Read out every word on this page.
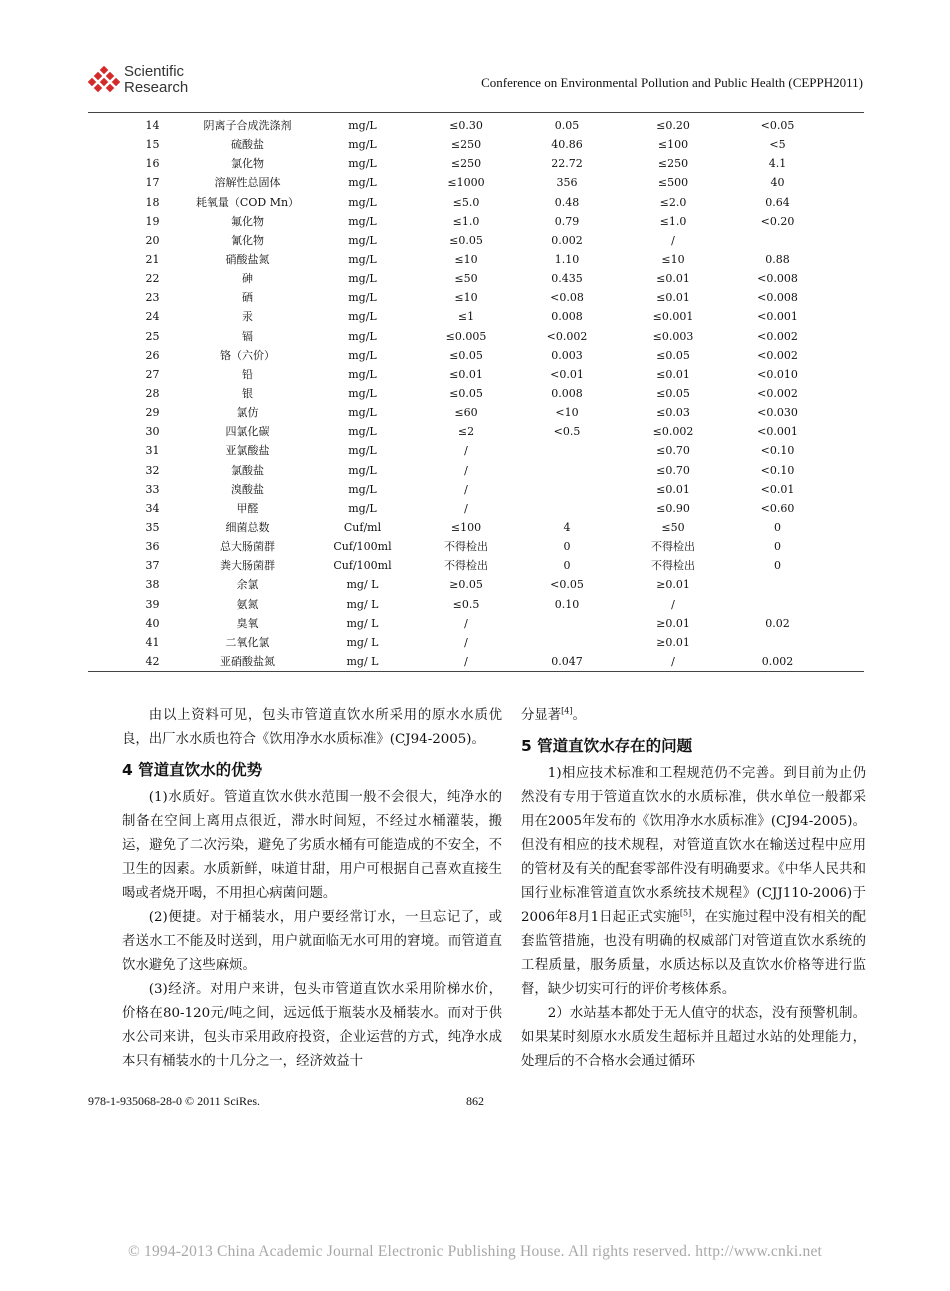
Scientific
Research	Conference on Environmental Pollution and Public Health (CEPPH2011)
14	阴离子合成洗涤剂	mg/L	≤0.30	0.05	≤0.20	<0.05
15	硫酸盐	mg/L	≤250	40.86	≤100	<5
16	氯化物	mg/L	≤250	22.72	≤250	4.1
17	溶解性总固体	mg/L	≤1000	356	≤500	40
18	耗氧量（COD Mn）	mg/L	≤5.0	0.48	≤2.0	0.64
19	氟化物	mg/L	≤1.0	0.79	≤1.0	<0.20
20	氰化物	mg/L	≤0.05	0.002	/	
21	硝酸盐氮	mg/L	≤10	1.10	≤10	0.88
22	砷	mg/L	≤50	0.435	≤0.01	<0.008
23	硒	mg/L	≤10	<0.08	≤0.01	<0.008
24	汞	mg/L	≤1	0.008	≤0.001	<0.001
25	镉	mg/L	≤0.005	<0.002	≤0.003	<0.002
26	铬（六价）	mg/L	≤0.05	0.003	≤0.05	<0.002
27	铅	mg/L	≤0.01	<0.01	≤0.01	<0.010
28	银	mg/L	≤0.05	0.008	≤0.05	<0.002
29	氯仿	mg/L	≤60	<10	≤0.03	<0.030
30	四氯化碳	mg/L	≤2	<0.5	≤0.002	<0.001
31	亚氯酸盐	mg/L	/		≤0.70	<0.10
32	氯酸盐	mg/L	/		≤0.70	<0.10
33	溴酸盐	mg/L	/		≤0.01	<0.01
34	甲醛	mg/L	/		≤0.90	<0.60
35	细菌总数	Cuf/ml	≤100	4	≤50	0
36	总大肠菌群	Cuf/100ml	不得检出	0	不得检出	0
37	粪大肠菌群	Cuf/100ml	不得检出	0	不得检出	0
38	余氯	mg/ L	≥0.05	<0.05	≥0.01	
39	氨氮	mg/ L	≤0.5	0.10	/	
40	臭氧	mg/ L	/		≥0.01	0.02
41	二氧化氯	mg/ L	/		≥0.01	
42	亚硝酸盐氮	mg/ L	/	0.047	/	0.002

由以上资料可见，包头市管道直饮水所采用的原水水质优良，出厂水水质也符合《饮用净水水质标准》(CJ94-2005)。

4 管道直饮水的优势

(1)水质好。管道直饮水供水范围一般不会很大，纯净水的制备在空间上离用点很近，滞水时间短，不经过水桶灌装，搬运，避免了二次污染，避免了劣质水桶有可能造成的不安全，不卫生的因素。水质新鲜，味道甘甜，用户可根据自己喜欢直接生喝或者烧开喝，不用担心病菌问题。

(2)便捷。对于桶装水，用户要经常订水，一旦忘记了，或者送水工不能及时送到，用户就面临无水可用的窘境。而管道直饮水避免了这些麻烦。

(3)经济。对用户来讲，包头市管道直饮水采用阶梯水价，价格在80-120元/吨之间，远远低于瓶装水及桶装水。而对于供水公司来讲，包头市采用政府投资，企业运营的方式，纯净水成本只有桶装水的十几分之一，经济效益十

分显著[4]。

5 管道直饮水存在的问题

1)相应技术标准和工程规范仍不完善。到目前为止仍然没有专用于管道直饮水的水质标准，供水单位一般都采用在2005年发布的《饮用净水水质标准》(CJ94-2005)。但没有相应的技术规程，对管道直饮水在输送过程中应用的管材及有关的配套零部件没有明确要求。《中华人民共和国行业标准管道直饮水系统技术规程》(CJJ110-2006)于2006年8月1日起正式实施[5]，在实施过程中没有相关的配套监管措施，也没有明确的权威部门对管道直饮水系统的工程质量，服务质量，水质达标以及直饮水价格等进行监督，缺少切实可行的评价考核体系。

2）水站基本都处于无人值守的状态，没有预警机制。如果某时刻原水水质发生超标并且超过水站的处理能力，处理后的不合格水会通过循环

978-1-935068-28-0 © 2011 SciRes.	862
© 1994-2013 China Academic Journal Electronic Publishing House. All rights reserved. http://www.cnki.net
